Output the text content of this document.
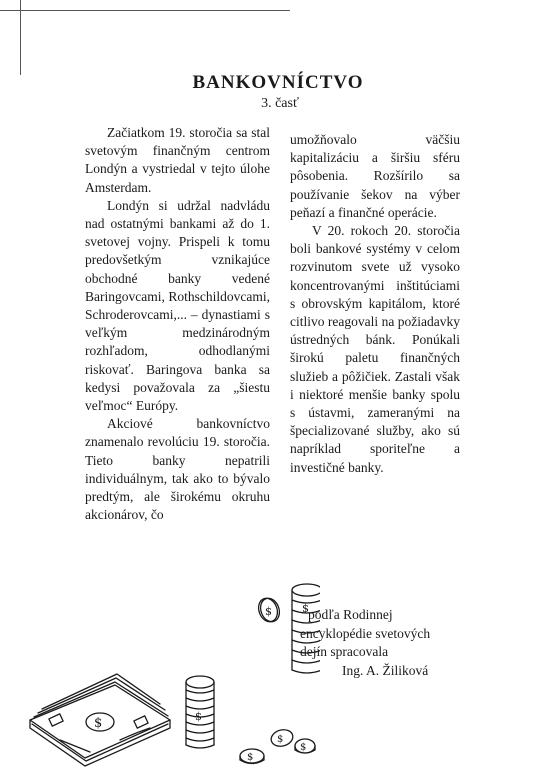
BANKOVNÍCTVO
3. časť

Začiatkom 19. storočia sa stal svetovým finančným centrom Londýn a vystriedal v tejto úlohe Amsterdam.

Londýn si udržal nadvládu nad ostatnými bankami až do 1. svetovej vojny. Prispeli k tomu predovšetkým vznikajúce obchodné banky vedené Baringovcami, Rothschildovcami, Schroderovcami,... – dynastiami s veľkým medzinárodným rozhľadom, odhodlanými riskovať. Baringova banka sa kedysi považovala za „šiestu veľmoc“ Európy.

Akciové bankovníctvo znamenalo revolúciu 19. storočia. Tieto banky nepatrili individuálnym, tak ako to bývalo predtým, ale širokému okruhu akcionárov, čo

umožňovalo väčšiu kapitalizáciu a širšiu sféru pôsobenia. Rozšírilo sa používanie šekov na výber peňazí a finančné operácie.

V 20. rokoch 20. storočia boli bankové systémy v celom rozvinutom svete už vysoko koncentrovanými inštitúciami s obrovským kapitálom, ktoré citlivo reagovali na požiadavky ústredných bánk. Ponúkali širokú paletu finančných služieb a pôžičiek. Zastali však i niektoré menšie banky spolu s ústavmi, zameranými na špecializované služby, ako sú napríklad sporiteľne a investičné banky.

podľa Rodinnej
encyklopédie svetových
dejín spracovala
Ing. A. Žiliková
$	$
$
$
$
$
$
